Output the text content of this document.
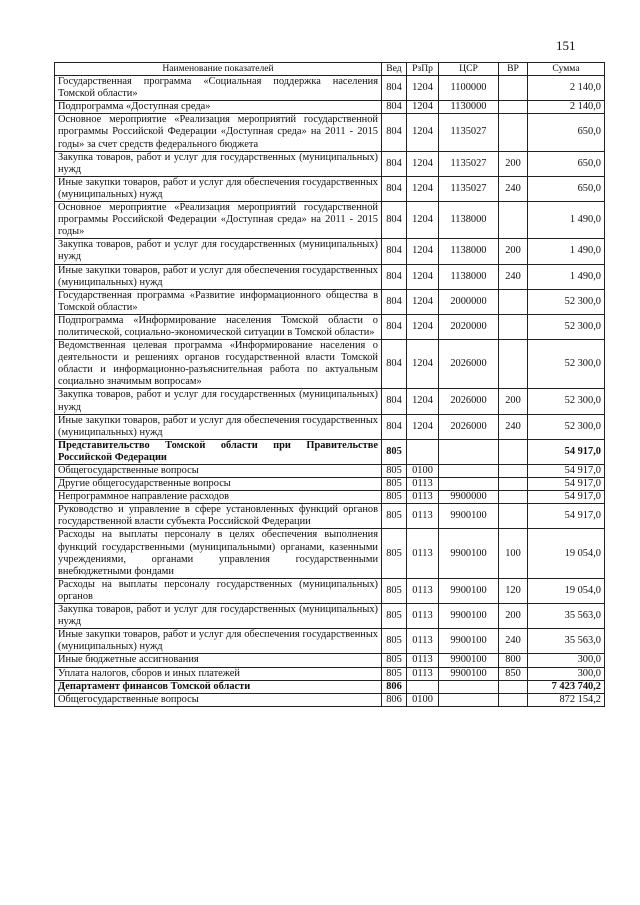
151
Наименование показателей	Вед	РзПр	ЦСР	ВР	Сумма
Государственная программа «Социальная поддержка населения Томской области»	804	1204	1100000		2 140,0
Подпрограмма «Доступная среда»	804	1204	1130000		2 140,0
Основное мероприятие «Реализация мероприятий государственной программы Российской Федерации «Доступная среда» на 2011 - 2015 годы» за счет средств федерального бюджета	804	1204	1135027		650,0
Закупка товаров, работ и услуг для государственных (муниципальных) нужд	804	1204	1135027	200	650,0
Иные закупки товаров, работ и услуг для обеспечения государственных (муниципальных) нужд	804	1204	1135027	240	650,0
Основное мероприятие «Реализация мероприятий государственной программы Российской Федерации «Доступная среда» на 2011 - 2015 годы»	804	1204	1138000		1 490,0
Закупка товаров, работ и услуг для государственных (муниципальных) нужд	804	1204	1138000	200	1 490,0
Иные закупки товаров, работ и услуг для обеспечения государственных (муниципальных) нужд	804	1204	1138000	240	1 490,0
Государственная программа «Развитие информационного общества в Томской области»	804	1204	2000000		52 300,0
Подпрограмма «Информирование населения Томской области о политической, социально-экономической ситуации в Томской области»	804	1204	2020000		52 300,0
Ведомственная целевая программа «Информирование населения о деятельности и решениях органов государственной власти Томской области и информационно-разъяснительная работа по актуальным социально значимым вопросам»	804	1204	2026000		52 300,0
Закупка товаров, работ и услуг для государственных (муниципальных) нужд	804	1204	2026000	200	52 300,0
Иные закупки товаров, работ и услуг для обеспечения государственных (муниципальных) нужд	804	1204	2026000	240	52 300,0
Представительство Томской области при Правительстве Российской Федерации	805				54 917,0
Общегосударственные вопросы	805	0100			54 917,0
Другие общегосударственные вопросы	805	0113			54 917,0
Непрограммное направление расходов	805	0113	9900000		54 917,0
Руководство и управление в сфере установленных функций органов государственной власти субъекта Российской Федерации	805	0113	9900100		54 917,0
Расходы на выплаты персоналу в целях обеспечения выполнения функций государственными (муниципальными) органами, казенными учреждениями, органами управления государственными внебюджетными фондами	805	0113	9900100	100	19 054,0
Расходы на выплаты персоналу государственных (муниципальных) органов	805	0113	9900100	120	19 054,0
Закупка товаров, работ и услуг для государственных (муниципальных) нужд	805	0113	9900100	200	35 563,0
Иные закупки товаров, работ и услуг для обеспечения государственных (муниципальных) нужд	805	0113	9900100	240	35 563,0
Иные бюджетные ассигнования	805	0113	9900100	800	300,0
Уплата налогов, сборов и иных платежей	805	0113	9900100	850	300,0
Департамент финансов Томской области	806				7 423 740,2
Общегосударственные вопросы	806	0100			872 154,2
